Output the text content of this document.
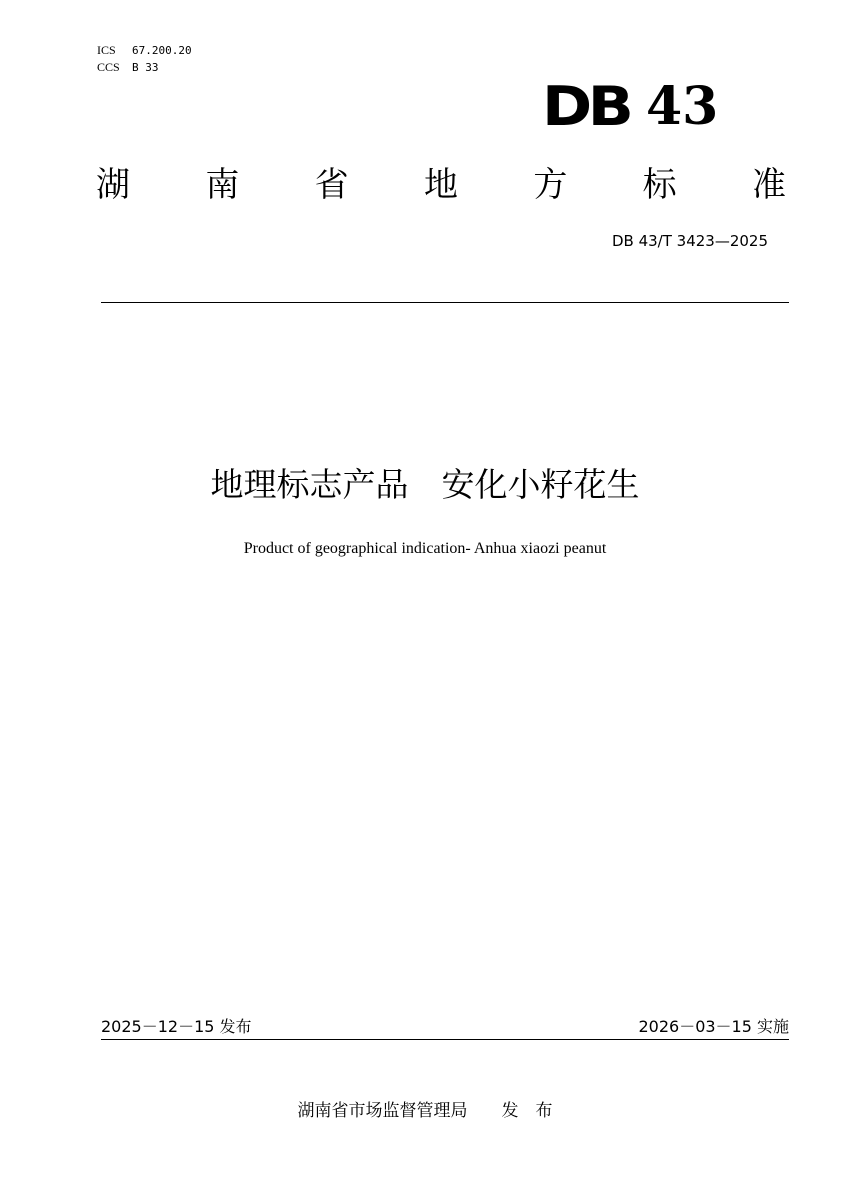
ICS 67.200.20
CCS B 33
DB 43
湖 南 省 地 方 标 准
DB 43/T 3423—2025
地理标志产品　安化小籽花生
Product of geographical indication- Anhua xiaozi peanut
2025－12－15 发布	2026－03－15 实施
湖南省市场监督管理局　　发　布
